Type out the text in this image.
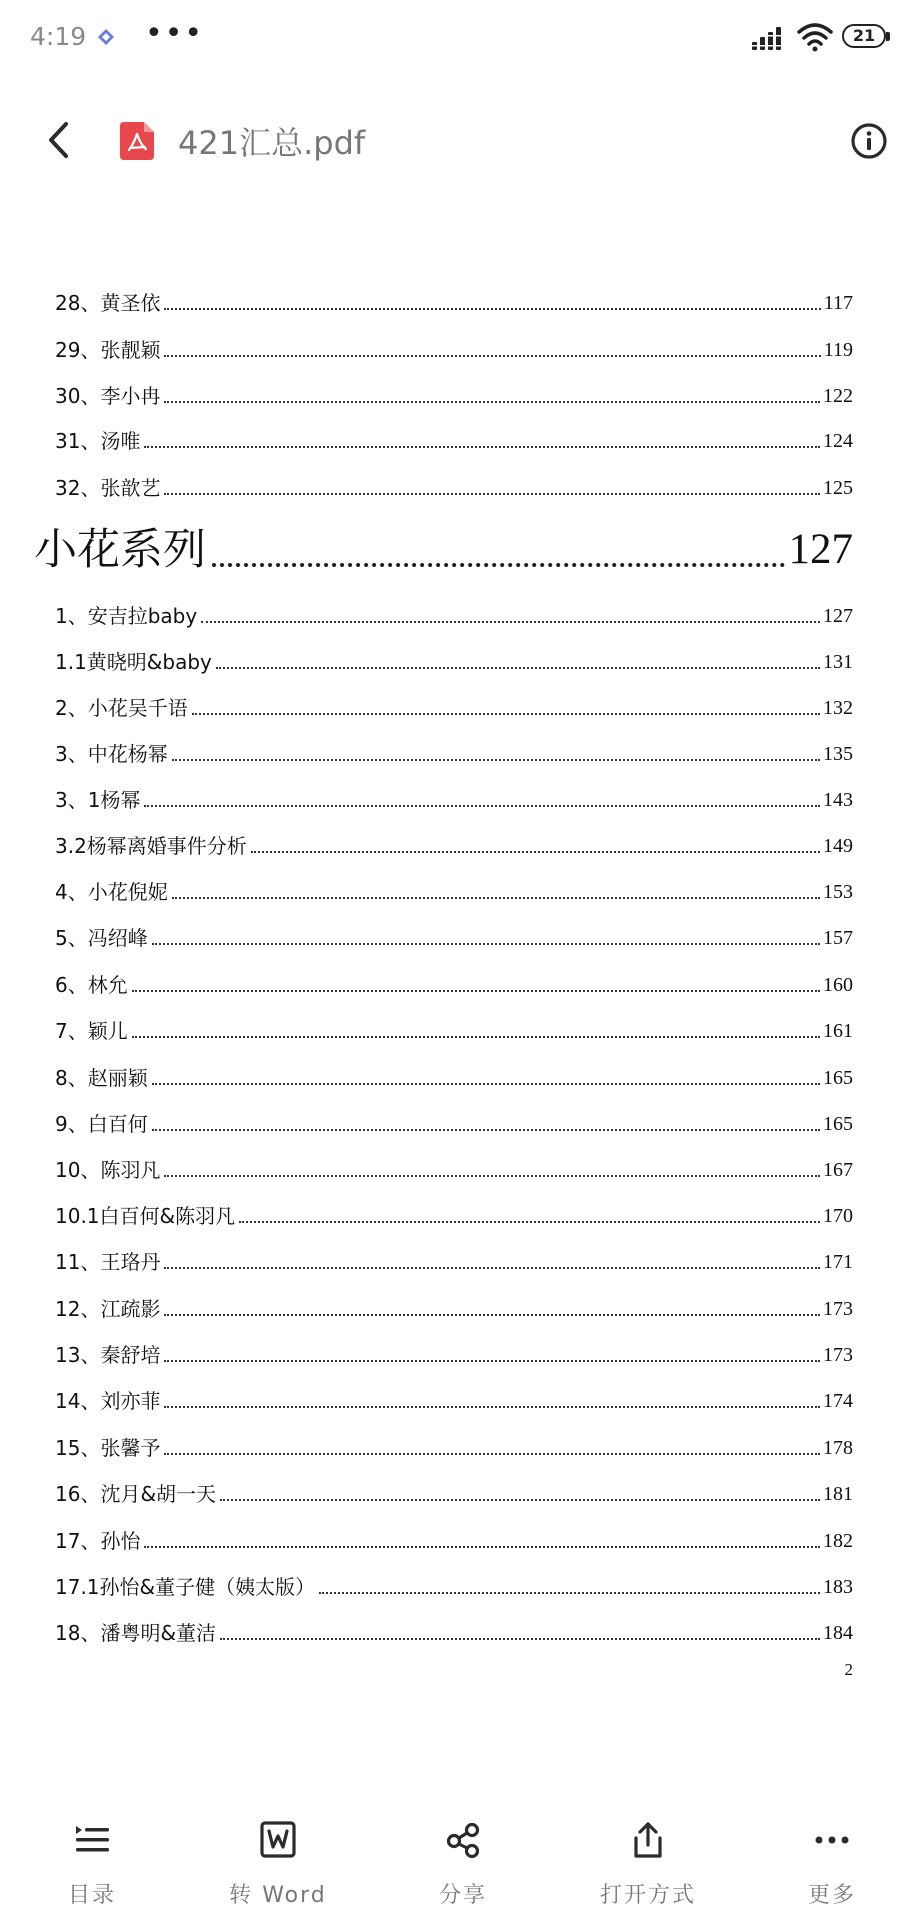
4:19 •••	21
421汇总.pdf
28、黄圣依	117
29、张靓颖	119
30、李小冉	122
31、汤唯	124
32、张歆艺	125
小花系列	127
1、安吉拉baby	127
1.1黄晓明&baby	131
2、小花吴千语	132
3、中花杨幂	135
3、1杨幂	143
3.2杨幂离婚事件分析	149
4、小花倪妮	153
5、冯绍峰	157
6、林允	160
7、颖儿	161
8、赵丽颖	165
9、白百何	165
10、陈羽凡	167
10.1白百何&陈羽凡	170
11、王珞丹	171
12、江疏影	173
13、秦舒培	173
14、刘亦菲	174
15、张馨予	178
16、沈月&胡一天	181
17、孙怡	182
17.1孙怡&董子健（姨太版）	183
18、潘粤明&董洁	184
2
目录	转 Word	分享	打开方式	更多
